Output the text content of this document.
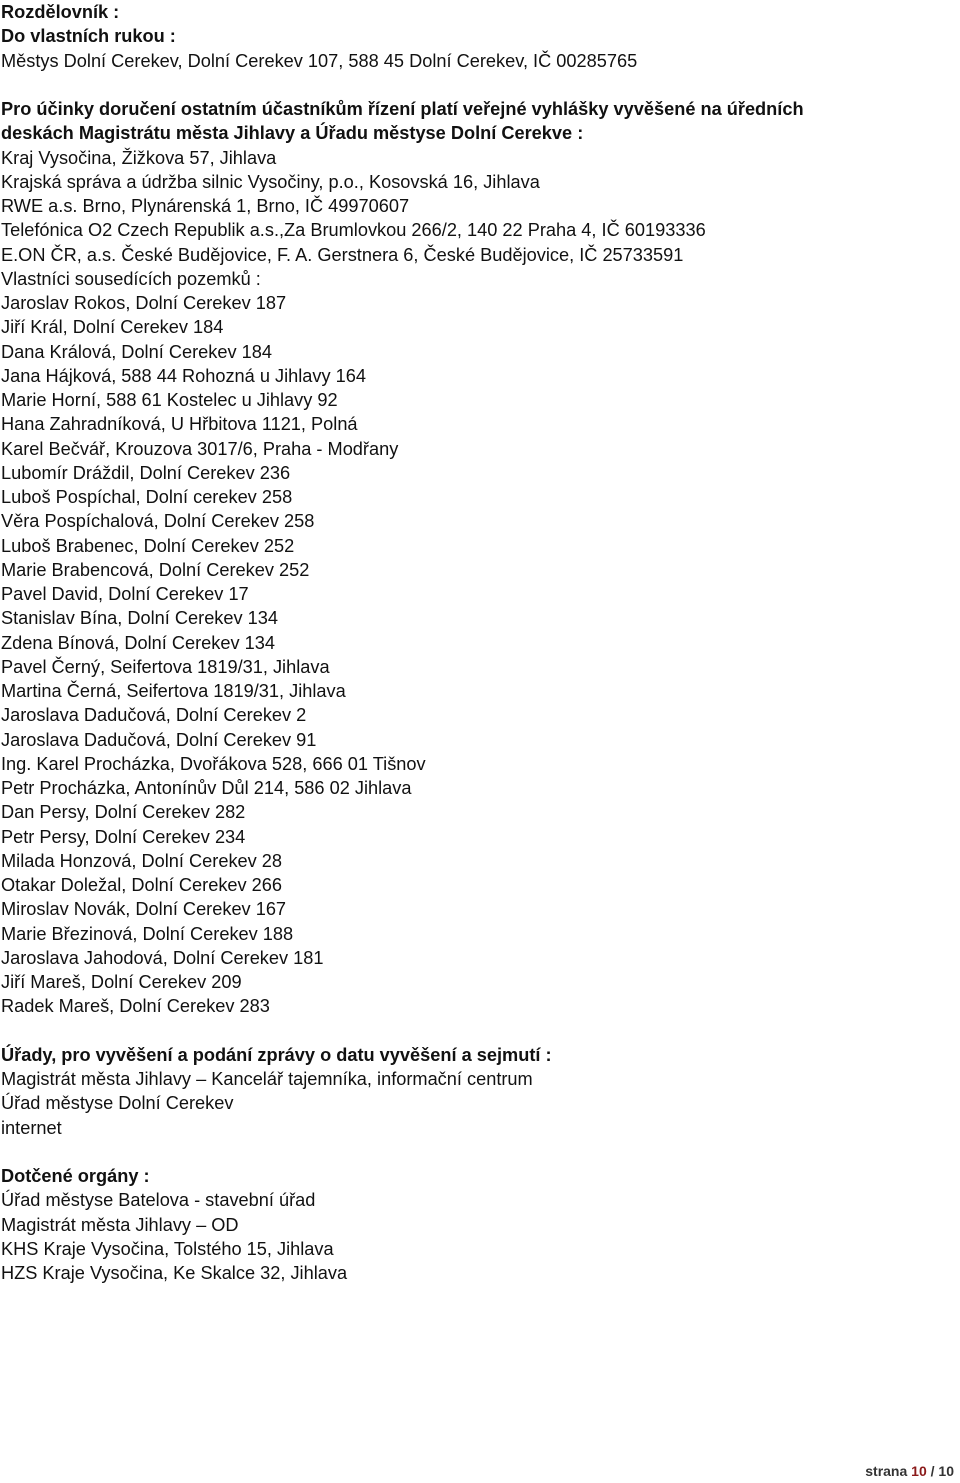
Rozdělovník :
Do vlastních rukou :
Městys Dolní Cerekev, Dolní Cerekev 107, 588 45 Dolní Cerekev, IČ 00285765
Pro účinky doručení ostatním účastníkům řízení platí veřejné vyhlášky vyvěšené na úředních
deskách Magistrátu města Jihlavy a Úřadu městyse Dolní Cerekve :
Kraj Vysočina, Žižkova 57, Jihlava
Krajská správa a údržba silnic Vysočiny, p.o., Kosovská 16, Jihlava
RWE a.s. Brno, Plynárenská 1, Brno, IČ 49970607
Telefónica O2 Czech Republik a.s.,Za Brumlovkou 266/2, 140 22 Praha 4, IČ 60193336
E.ON ČR, a.s. České Budějovice, F. A. Gerstnera 6, České Budějovice, IČ 25733591
Vlastníci sousedících pozemků :
Jaroslav Rokos, Dolní Cerekev 187
Jiří Král, Dolní Cerekev 184
Dana Králová, Dolní Cerekev 184
Jana Hájková, 588 44 Rohozná u Jihlavy 164
Marie Horní, 588 61 Kostelec u Jihlavy 92
Hana Zahradníková, U Hřbitova 1121, Polná
Karel Bečvář, Krouzova 3017/6, Praha - Modřany
Lubomír Dráždil, Dolní Cerekev 236
Luboš Pospíchal, Dolní cerekev 258
Věra Pospíchalová, Dolní Cerekev 258
Luboš Brabenec, Dolní Cerekev 252
Marie Brabencová, Dolní Cerekev 252
Pavel David, Dolní Cerekev 17
Stanislav Bína, Dolní Cerekev 134
Zdena Bínová, Dolní Cerekev 134
Pavel Černý, Seifertova 1819/31, Jihlava
Martina Černá, Seifertova 1819/31, Jihlava
Jaroslava Dadučová, Dolní Cerekev 2
Jaroslava Dadučová, Dolní Cerekev 91
Ing. Karel Procházka, Dvořákova 528, 666 01 Tišnov
Petr Procházka, Antonínův Důl 214, 586 02 Jihlava
Dan Persy, Dolní Cerekev 282
Petr Persy, Dolní Cerekev 234
Milada Honzová, Dolní Cerekev 28
Otakar Doležal, Dolní Cerekev 266
Miroslav Novák, Dolní Cerekev 167
Marie Březinová, Dolní Cerekev 188
Jaroslava Jahodová, Dolní Cerekev 181
Jiří Mareš, Dolní Cerekev 209
Radek Mareš, Dolní Cerekev 283
Úřady, pro vyvěšení a podání zprávy o datu vyvěšení a sejmutí :
Magistrát města Jihlavy – Kancelář tajemníka, informační centrum
Úřad městyse Dolní Cerekev
internet
Dotčené orgány :
Úřad městyse Batelova - stavební úřad
Magistrát města Jihlavy – OD
KHS Kraje Vysočina, Tolstého 15, Jihlava
HZS Kraje Vysočina, Ke Skalce 32, Jihlava
strana 10 / 10
